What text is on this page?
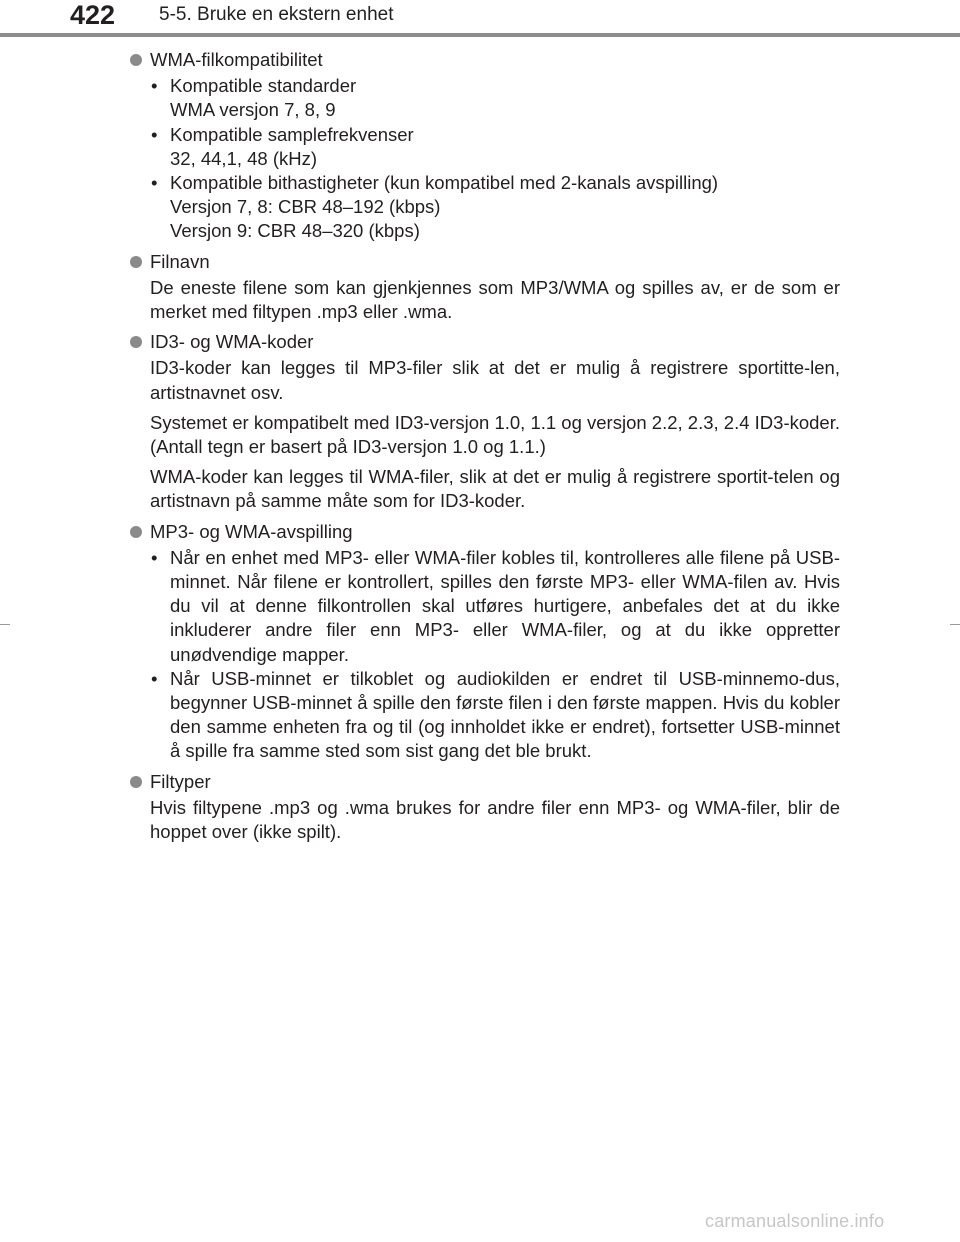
422 5-5. Bruke en ekstern enhet
WMA-filkompatibilitet
• Kompatible standarder
WMA versjon 7, 8, 9
• Kompatible samplefrekvenser
32, 44,1, 48 (kHz)
• Kompatible bithastigheter (kun kompatibel med 2-kanals avspilling)
Versjon 7, 8: CBR 48–192 (kbps)
Versjon 9: CBR 48–320 (kbps)
Filnavn

De eneste filene som kan gjenkjennes som MP3/WMA og spilles av, er de som er merket med filtypen .mp3 eller .wma.

ID3- og WMA-koder

ID3-koder kan legges til MP3-filer slik at det er mulig å registrere sportitte-len, artistnavnet osv.

Systemet er kompatibelt med ID3-versjon 1.0, 1.1 og versjon 2.2, 2.3, 2.4 ID3-koder. (Antall tegn er basert på ID3-versjon 1.0 og 1.1.)

WMA-koder kan legges til WMA-filer, slik at det er mulig å registrere sportit-telen og artistnavn på samme måte som for ID3-koder.

MP3- og WMA-avspilling
• Når en enhet med MP3- eller WMA-filer kobles til, kontrolleres alle filene på USB-minnet. Når filene er kontrollert, spilles den første MP3- eller WMA-filen av. Hvis du vil at denne filkontrollen skal utføres hurtigere, anbefales det at du ikke inkluderer andre filer enn MP3- eller WMA-filer, og at du ikke oppretter unødvendige mapper.
• Når USB-minnet er tilkoblet og audiokilden er endret til USB-minnemo-dus, begynner USB-minnet å spille den første filen i den første mappen. Hvis du kobler den samme enheten fra og til (og innholdet ikke er endret), fortsetter USB-minnet å spille fra samme sted som sist gang det ble brukt.
Filtyper

Hvis filtypene .mp3 og .wma brukes for andre filer enn MP3- og WMA-filer, blir de hoppet over (ikke spilt).

carmanualsonline.info
